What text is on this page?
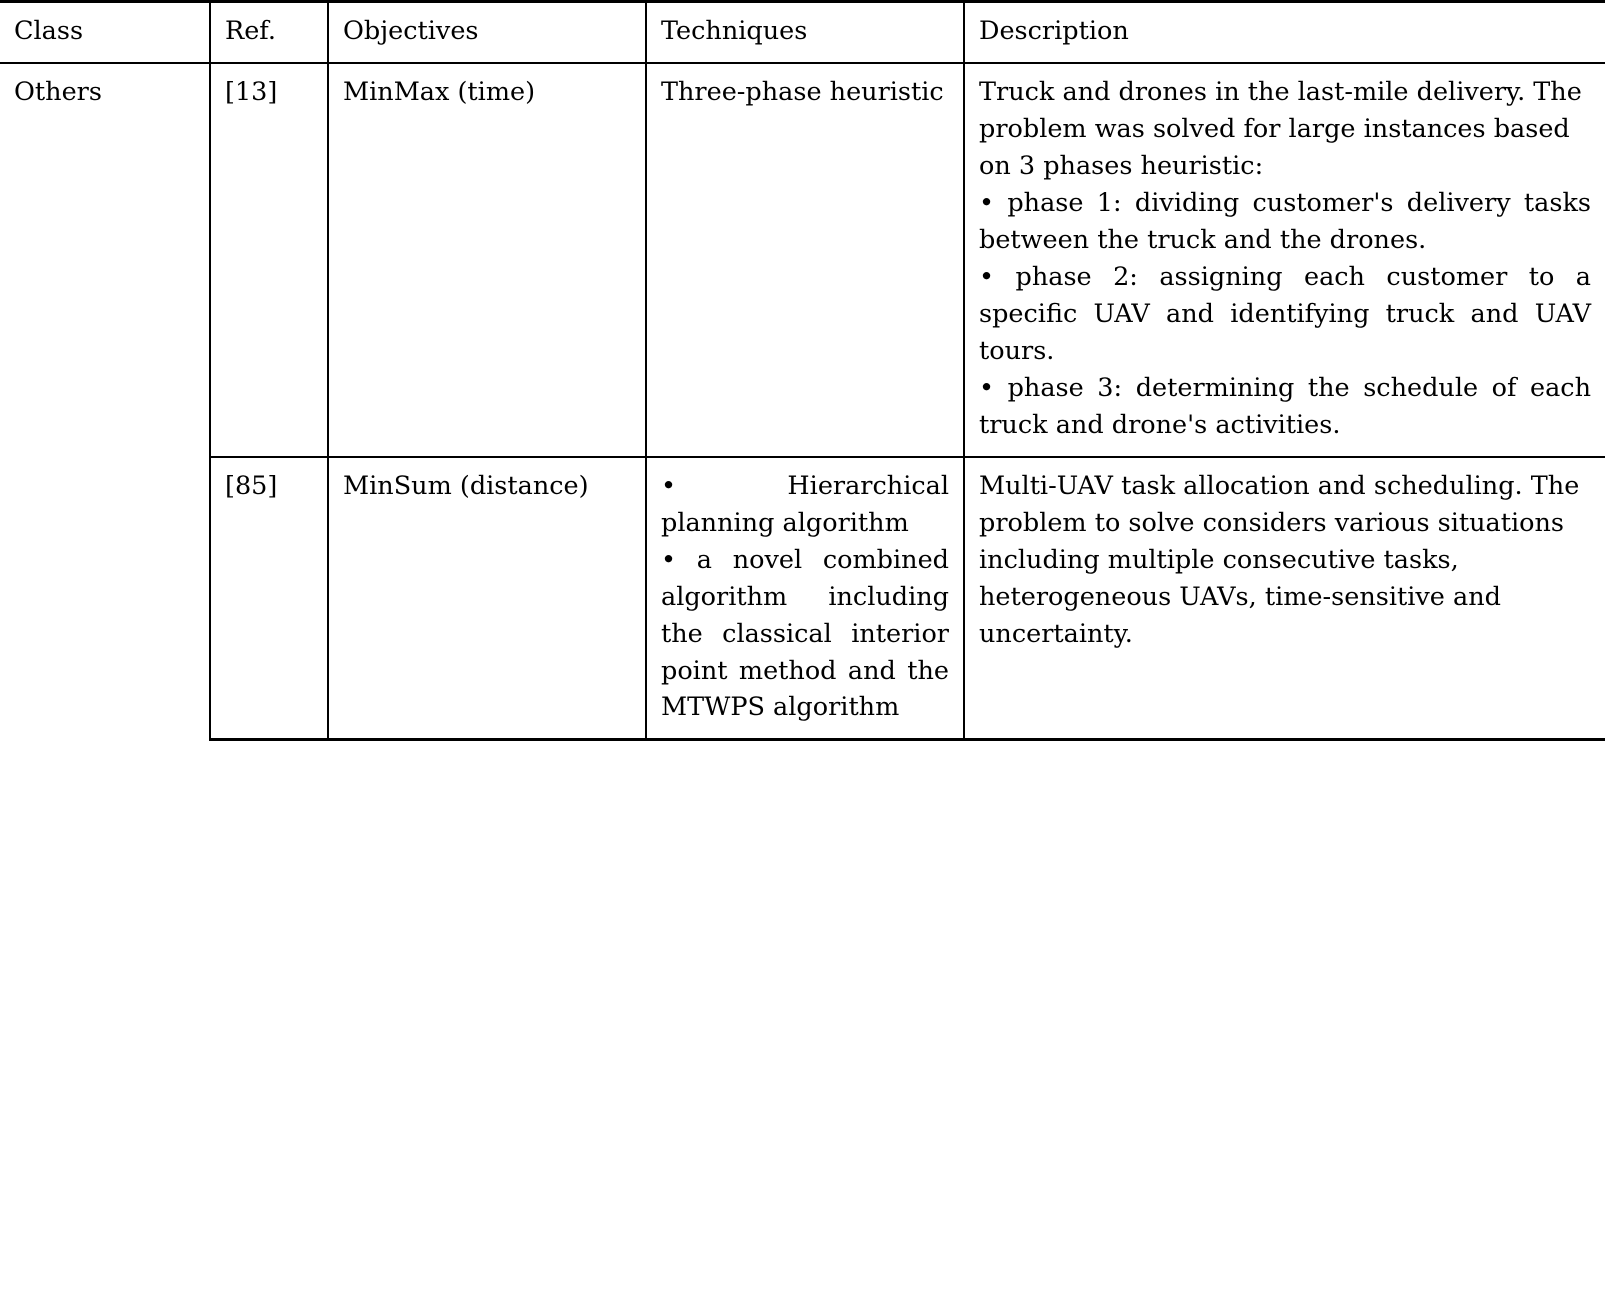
Class	Ref.	Objectives	Techniques	Description
Others	[13]	MinMax (time)	Three-phase heuristic	Truck and drones in the last-mile delivery. The problem was solved for large instances based on 3 phases heuristic:

• phase 1: dividing customer's delivery tasks between the truck and the drones.

• phase 2: assigning each customer to a specific UAV and identifying truck and UAV tours.

• phase 3: determining the schedule of each truck and drone's activities.

	[85]	MinSum (distance)	• Hierarchical planning algorithm

• a novel combined algorithm including the classical interior point method and the MTWPS algorithm	Multi-UAV task allocation and scheduling. The problem to solve considers various situations including multiple consecutive tasks, heterogeneous UAVs, time-sensitive and uncertainty.
